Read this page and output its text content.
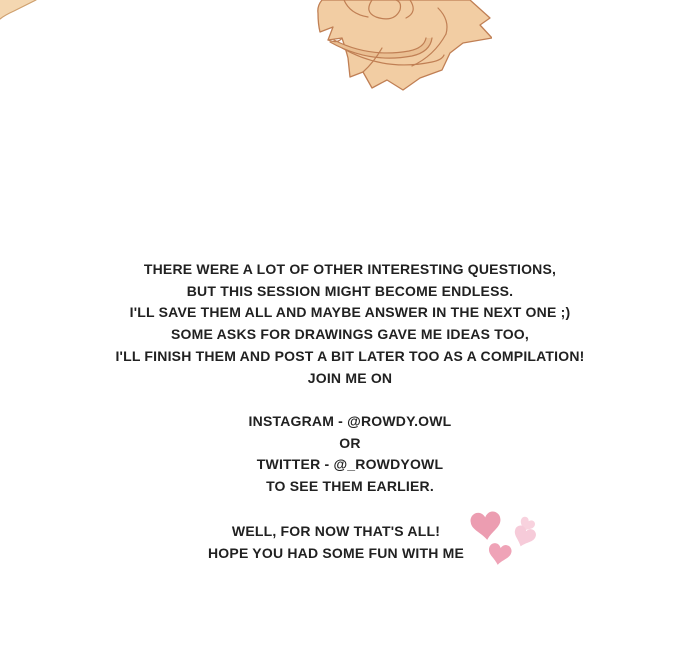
THERE WERE A LOT OF OTHER INTERESTING QUESTIONS,
BUT THIS SESSION MIGHT BECOME ENDLESS.
I'LL SAVE THEM ALL AND MAYBE ANSWER IN THE NEXT ONE ;)
SOME ASKS FOR DRAWINGS GAVE ME IDEAS TOO,
I'LL FINISH THEM AND POST A BIT LATER TOO AS A COMPILATION!
JOIN ME ON
INSTAGRAM - @ROWDY.OWL
OR
TWITTER - @_ROWDYOWL
TO SEE THEM EARLIER.
WELL, FOR NOW THAT'S ALL!
HOPE YOU HAD SOME FUN WITH ME
